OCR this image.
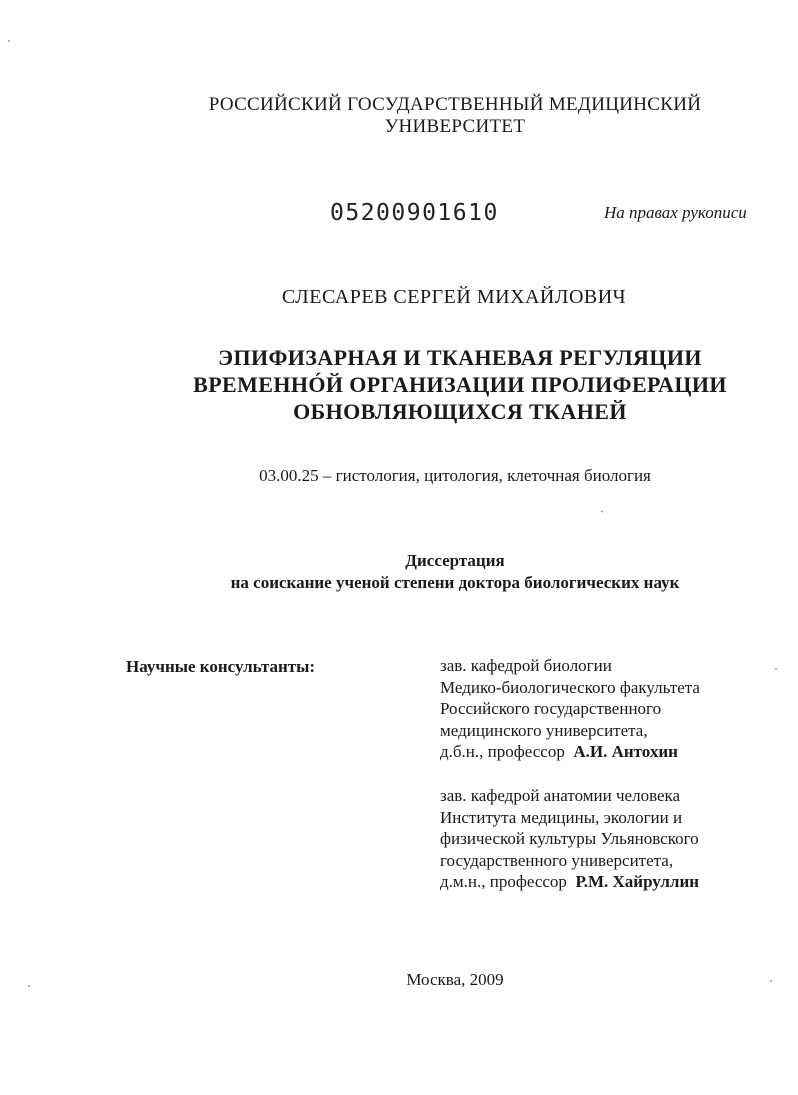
РОССИЙСКИЙ ГОСУДАРСТВЕННЫЙ МЕДИЦИНСКИЙ
УНИВЕРСИТЕТ
05200901610	На правах рукописи
СЛЕСАРЕВ СЕРГЕЙ МИХАЙЛОВИЧ
ЭПИФИЗАРНАЯ И ТКАНЕВАЯ РЕГУЛЯЦИИ
ВРЕМЕННÓЙ ОРГАНИЗАЦИИ ПРОЛИФЕРАЦИИ
ОБНОВЛЯЮЩИХСЯ ТКАНЕЙ
03.00.25 – гистология, цитология, клеточная биология
`
Диссертация
на соискание ученой степени доктора биологических наук
Научные консультанты:	зав. кафедрой биологии
Медико-биологического факультета
Российского государственного
медицинского университета,
д.б.н., профессор А.И. Антохин
зав. кафедрой анатомии человека
Института медицины, экологии и
физической культуры Ульяновского
государственного университета,
д.м.н., профессор Р.М. Хайруллин
Москва, 2009
